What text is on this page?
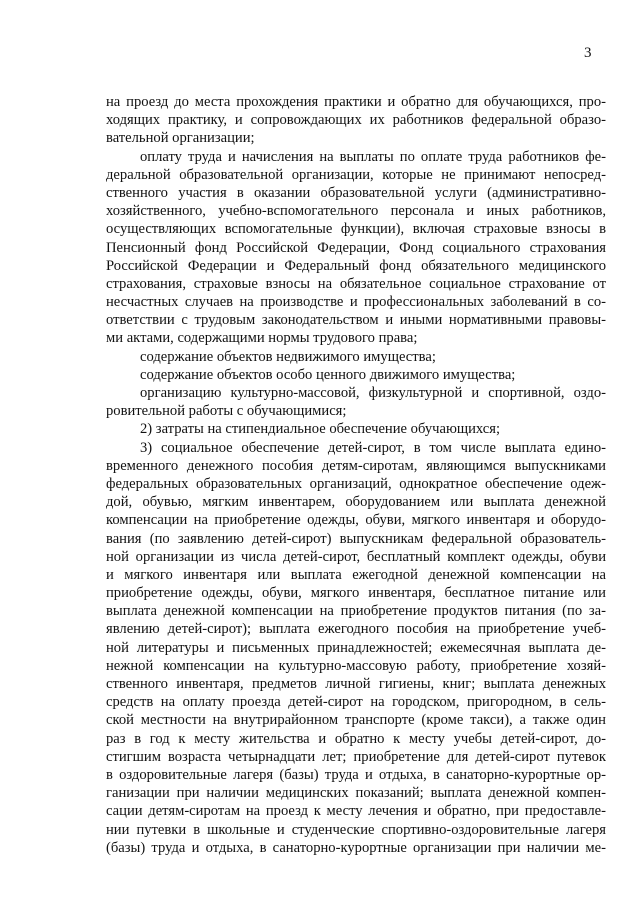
3
на проезд до места прохождения практики и обратно для обучающихся, про-
ходящих практику, и сопровождающих их работников федеральной образо-
вательной организации;
оплату труда и начисления на выплаты по оплате труда работников фе-
деральной образовательной организации, которые не принимают непосред-
ственного участия в оказании образовательной услуги (административно-
хозяйственного, учебно-вспомогательного персонала и иных работников,
осуществляющих вспомогательные функции), включая страховые взносы в
Пенсионный фонд Российской Федерации, Фонд социального страхования
Российской Федерации и Федеральный фонд обязательного медицинского
страхования, страховые взносы на обязательное социальное страхование от
несчастных случаев на производстве и профессиональных заболеваний в со-
ответствии с трудовым законодательством и иными нормативными правовы-
ми актами, содержащими нормы трудового права;
содержание объектов недвижимого имущества;
содержание объектов особо ценного движимого имущества;
организацию культурно-массовой, физкультурной и спортивной, оздо-
ровительной работы с обучающимися;
2) затраты на стипендиальное обеспечение обучающихся;
3) социальное обеспечение детей-сирот, в том числе выплата едино-
временного денежного пособия детям-сиротам, являющимся выпускниками
федеральных образовательных организаций, однократное обеспечение одеж-
дой, обувью, мягким инвентарем, оборудованием или выплата денежной
компенсации на приобретение одежды, обуви, мягкого инвентаря и оборудо-
вания (по заявлению детей-сирот) выпускникам федеральной образователь-
ной организации из числа детей-сирот, бесплатный комплект одежды, обуви
и мягкого инвентаря или выплата ежегодной денежной компенсации на
приобретение одежды, обуви, мягкого инвентаря, бесплатное питание или
выплата денежной компенсации на приобретение продуктов питания (по за-
явлению детей-сирот); выплата ежегодного пособия на приобретение учеб-
ной литературы и письменных принадлежностей; ежемесячная выплата де-
нежной компенсации на культурно-массовую работу, приобретение хозяй-
ственного инвентаря, предметов личной гигиены, книг; выплата денежных
средств на оплату проезда детей-сирот на городском, пригородном, в сель-
ской местности на внутрирайонном транспорте (кроме такси), а также один
раз в год к месту жительства и обратно к месту учебы детей-сирот, до-
стигшим возраста четырнадцати лет; приобретение для детей-сирот путевок
в оздоровительные лагеря (базы) труда и отдыха, в санаторно-курортные ор-
ганизации при наличии медицинских показаний; выплата денежной компен-
сации детям-сиротам на проезд к месту лечения и обратно, при предоставле-
нии путевки в школьные и студенческие спортивно-оздоровительные лагеря
(базы) труда и отдыха, в санаторно-курортные организации при наличии ме-
